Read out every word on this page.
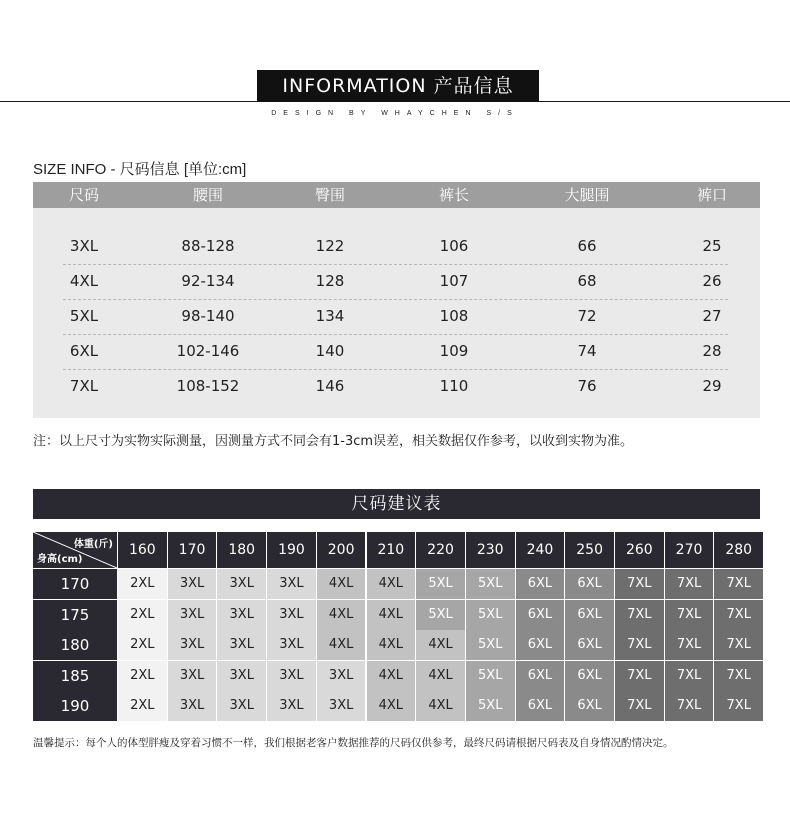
INFORMATION 产品信息
DESIGN BY WHAYCHEN S/S
SIZE INFO - 尺码信息 [单位:cm]
尺码	腰围	臀围	裤长	大腿围	裤口
3XL	88-128	122	106	66	25
4XL	92-134	128	107	68	26
5XL	98-140	134	108	72	27
6XL	102-146	140	109	74	28
7XL	108-152	146	110	76	29
注：以上尺寸为实物实际测量，因测量方式不同会有1-3cm误差，相关数据仅作参考，以收到实物为准。
尺码建议表
体重(斤)
身高(cm)
160	170	180	190	200	210	220	230	240	250	260	270	280
170	2XL	3XL	3XL	3XL	4XL	4XL	5XL	5XL	6XL	6XL	7XL	7XL	7XL
175	2XL	3XL	3XL	3XL	4XL	4XL	5XL	5XL	6XL	6XL	7XL	7XL	7XL
180	2XL	3XL	3XL	3XL	4XL	4XL	4XL	5XL	6XL	6XL	7XL	7XL	7XL
185	2XL	3XL	3XL	3XL	3XL	4XL	4XL	5XL	6XL	6XL	7XL	7XL	7XL
190	2XL	3XL	3XL	3XL	3XL	4XL	4XL	5XL	6XL	6XL	7XL	7XL	7XL
温馨提示：每个人的体型胖瘦及穿着习惯不一样，我们根据老客户数据推荐的尺码仅供参考，最终尺码请根据尺码表及自身情况酌情决定。
